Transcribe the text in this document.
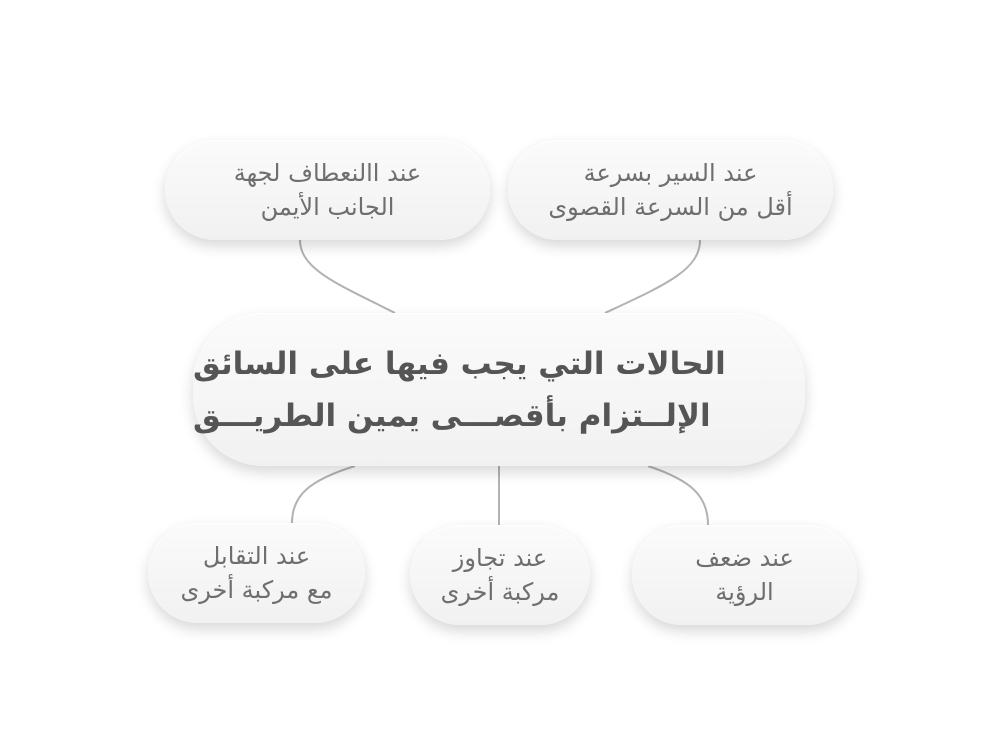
عند االنعطاف لجهة
الجانب الأيمن
عند السير بسرعة
أقل من السرعة القصوى
الحالات التي يجب فيها على السائق
الإلــتزام بأقصـــى يمين الطريـــق
عند التقابل
مع مركبة أخرى
عند تجاوز
مركبة أخرى
عند ضعف
الرؤية
